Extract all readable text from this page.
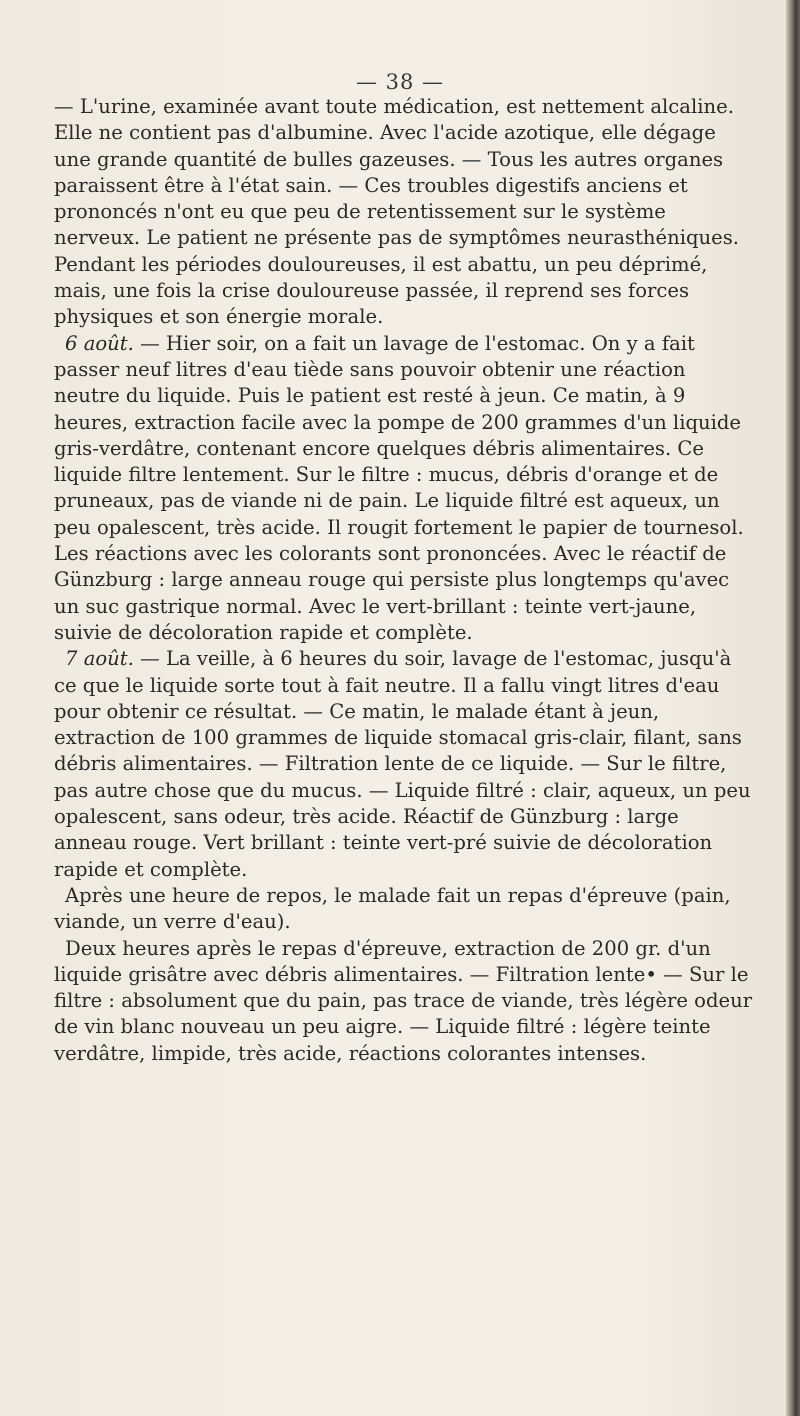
— 38 —

— L'urine, examinée avant toute médication, est nettement alcaline. Elle ne contient pas d'albumine. Avec l'acide azotique, elle dégage une grande quantité de bulles gazeuses. — Tous les autres organes paraissent être à l'état sain. — Ces troubles digestifs anciens et prononcés n'ont eu que peu de retentissement sur le système nerveux. Le patient ne présente pas de symptômes neurasthéniques. Pendant les périodes douloureuses, il est abattu, un peu déprimé, mais, une fois la crise douloureuse passée, il reprend ses forces physiques et son énergie morale.

6 août. — Hier soir, on a fait un lavage de l'estomac. On y a fait passer neuf litres d'eau tiède sans pouvoir obtenir une réaction neutre du liquide. Puis le patient est resté à jeun. Ce matin, à 9 heures, extraction facile avec la pompe de 200 grammes d'un liquide gris-verdâtre, contenant encore quelques débris alimentaires. Ce liquide filtre lentement. Sur le filtre : mucus, débris d'orange et de pruneaux, pas de viande ni de pain. Le liquide filtré est aqueux, un peu opalescent, très acide. Il rougit fortement le papier de tournesol. Les réactions avec les colorants sont prononcées. Avec le réactif de Günzburg : large anneau rouge qui persiste plus longtemps qu'avec un suc gastrique normal. Avec le vert-brillant : teinte vert-jaune, suivie de décoloration rapide et complète.

7 août. — La veille, à 6 heures du soir, lavage de l'estomac, jusqu'à ce que le liquide sorte tout à fait neutre. Il a fallu vingt litres d'eau pour obtenir ce résultat. — Ce matin, le malade étant à jeun, extraction de 100 grammes de liquide stomacal gris-clair, filant, sans débris alimentaires. — Filtration lente de ce liquide. — Sur le filtre, pas autre chose que du mucus. — Liquide filtré : clair, aqueux, un peu opalescent, sans odeur, très acide. Réactif de Günzburg : large anneau rouge. Vert brillant : teinte vert-pré suivie de décoloration rapide et complète.

Après une heure de repos, le malade fait un repas d'épreuve (pain, viande, un verre d'eau).

Deux heures après le repas d'épreuve, extraction de 200 gr. d'un liquide grisâtre avec débris alimentaires. — Filtration lente• — Sur le filtre : absolument que du pain, pas trace de viande, très légère odeur de vin blanc nouveau un peu aigre. — Liquide filtré : légère teinte verdâtre, limpide, très acide, réactions colorantes intenses.
